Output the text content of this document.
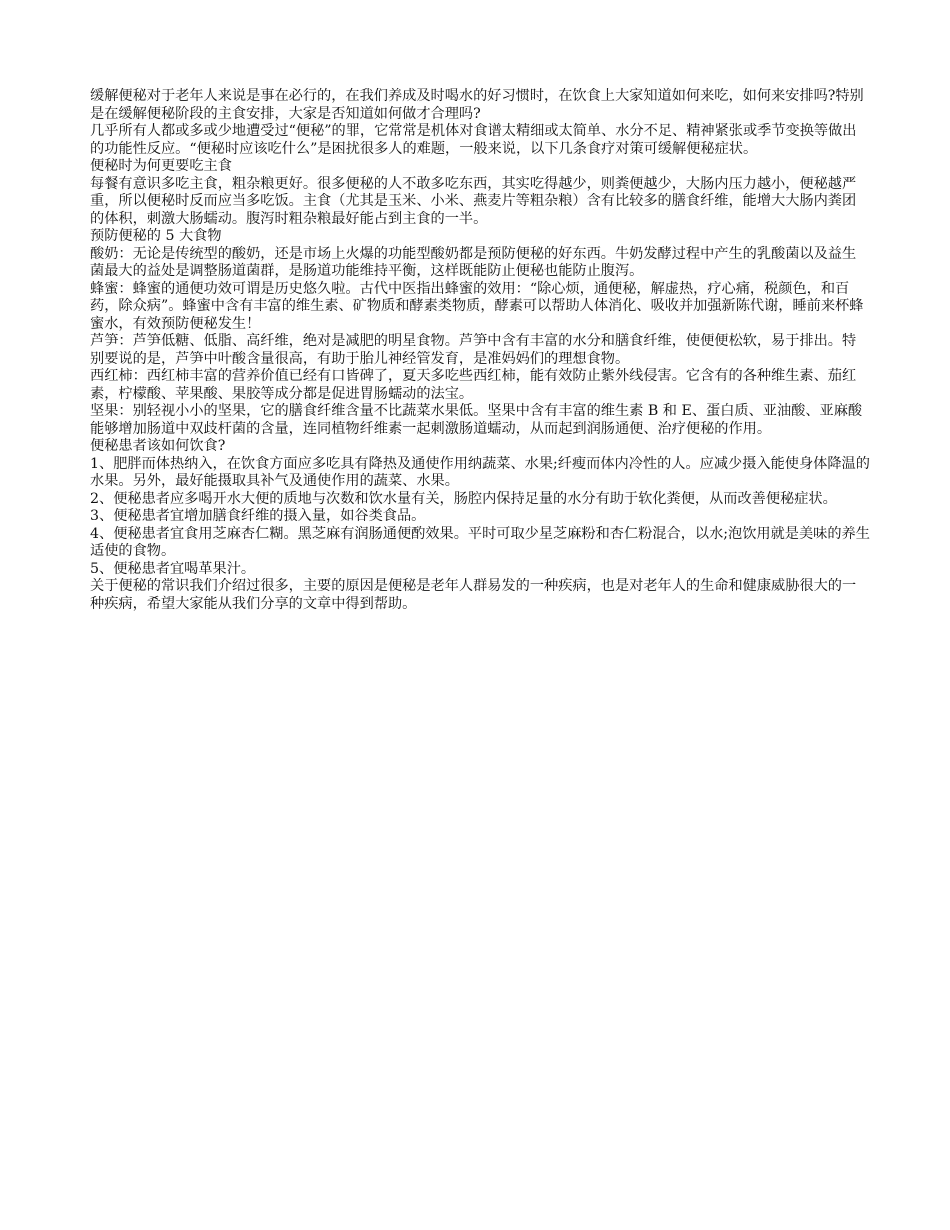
缓解便秘对于老年人来说是事在必行的，在我们养成及时喝水的好习惯时，在饮食上大家知道如何来吃，如何来安排吗?特别是在缓解便秘阶段的主食安排，大家是否知道如何做才合理吗?

几乎所有人都或多或少地遭受过“便秘”的罪，它常常是机体对食谱太精细或太简单、水分不足、精神紧张或季节变换等做出的功能性反应。“便秘时应该吃什么”是困扰很多人的难题，一般来说，以下几条食疗对策可缓解便秘症状。

便秘时为何更要吃主食

每餐有意识多吃主食，粗杂粮更好。很多便秘的人不敢多吃东西，其实吃得越少，则粪便越少，大肠内压力越小，便秘越严重，所以便秘时反而应当多吃饭。主食（尤其是玉米、小米、燕麦片等粗杂粮）含有比较多的膳食纤维，能增大大肠内粪团的体积，刺激大肠蠕动。腹泻时粗杂粮最好能占到主食的一半。

预防便秘的 5 大食物

酸奶：无论是传统型的酸奶，还是市场上火爆的功能型酸奶都是预防便秘的好东西。牛奶发酵过程中产生的乳酸菌以及益生菌最大的益处是调整肠道菌群，是肠道功能维持平衡，这样既能防止便秘也能防止腹泻。

蜂蜜：蜂蜜的通便功效可谓是历史悠久啦。古代中医指出蜂蜜的效用：“除心烦，通便秘，解虚热，疗心痛，税颜色，和百药，除众病”。蜂蜜中含有丰富的维生素、矿物质和酵素类物质，酵素可以帮助人体消化、吸收并加强新陈代谢，睡前来杯蜂蜜水，有效预防便秘发生！

芦笋：芦笋低糖、低脂、高纤维，绝对是减肥的明星食物。芦笋中含有丰富的水分和膳食纤维，使便便松软，易于排出。特别要说的是，芦笋中叶酸含量很高，有助于胎儿神经管发育，是准妈妈们的理想食物。

西红柿：西红柿丰富的营养价值已经有口皆碑了，夏天多吃些西红柿，能有效防止紫外线侵害。它含有的各种维生素、茄红素，柠檬酸、苹果酸、果胶等成分都是促进胃肠蠕动的法宝。

坚果：别轻视小小的坚果，它的膳食纤维含量不比蔬菜水果低。坚果中含有丰富的维生素 B 和 E、蛋白质、亚油酸、亚麻酸能够增加肠道中双歧杆菌的含量，连同植物纤维素一起刺激肠道蠕动，从而起到润肠通便、治疗便秘的作用。

便秘患者该如何饮食?

1、肥胖而体热纳入，在饮食方面应多吃具有降热及通使作用纳蔬菜、水果;纤瘦而体内冷性的人。应减少摄入能使身体降温的水果。另外，最好能摄取具补气及通使作用的蔬菜、水果。

2、便秘患者应多喝开水大便的质地与次数和饮水量有关，肠腔内保持足量的水分有助于软化粪便，从而改善便秘症状。

3、便秘患者宜增加膳食纤维的摄入量，如谷类食品。

4、便秘患者宜食用芝麻杏仁糊。黑芝麻有润肠通便酌效果。平时可取少星芝麻粉和杏仁粉混合，以水;泡饮用就是美味的养生适使的食物。

5、便秘患者宜喝革果汁。

关于便秘的常识我们介绍过很多，主要的原因是便秘是老年人群易发的一种疾病，也是对老年人的生命和健康威胁很大的一种疾病，希望大家能从我们分享的文章中得到帮助。
